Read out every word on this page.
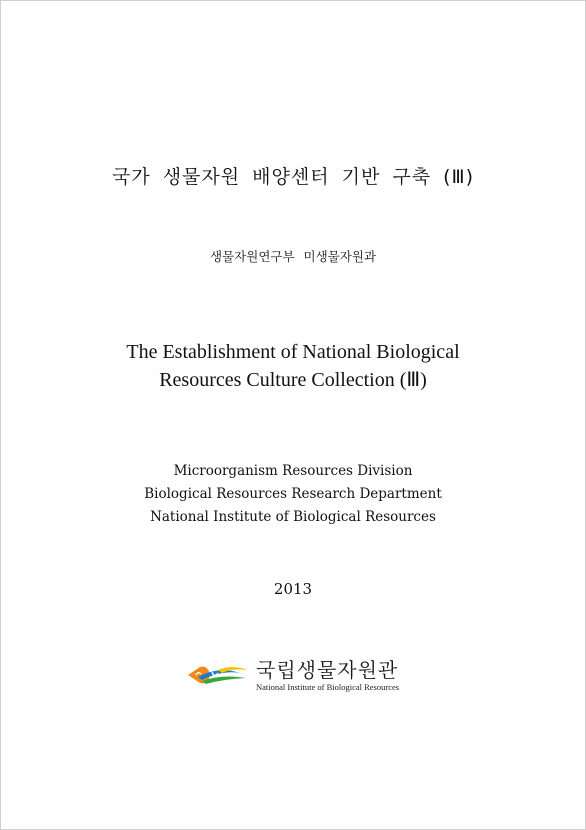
국가 생물자원 배양센터 기반 구축 (Ⅲ)
생물자원연구부 미생물자원과
The Establishment of National Biological
Resources Culture Collection (Ⅲ)
Microorganism Resources Division
Biological Resources Research Department
National Institute of Biological Resources
2013
국립생물자원관
National Institute of Biological Resources
